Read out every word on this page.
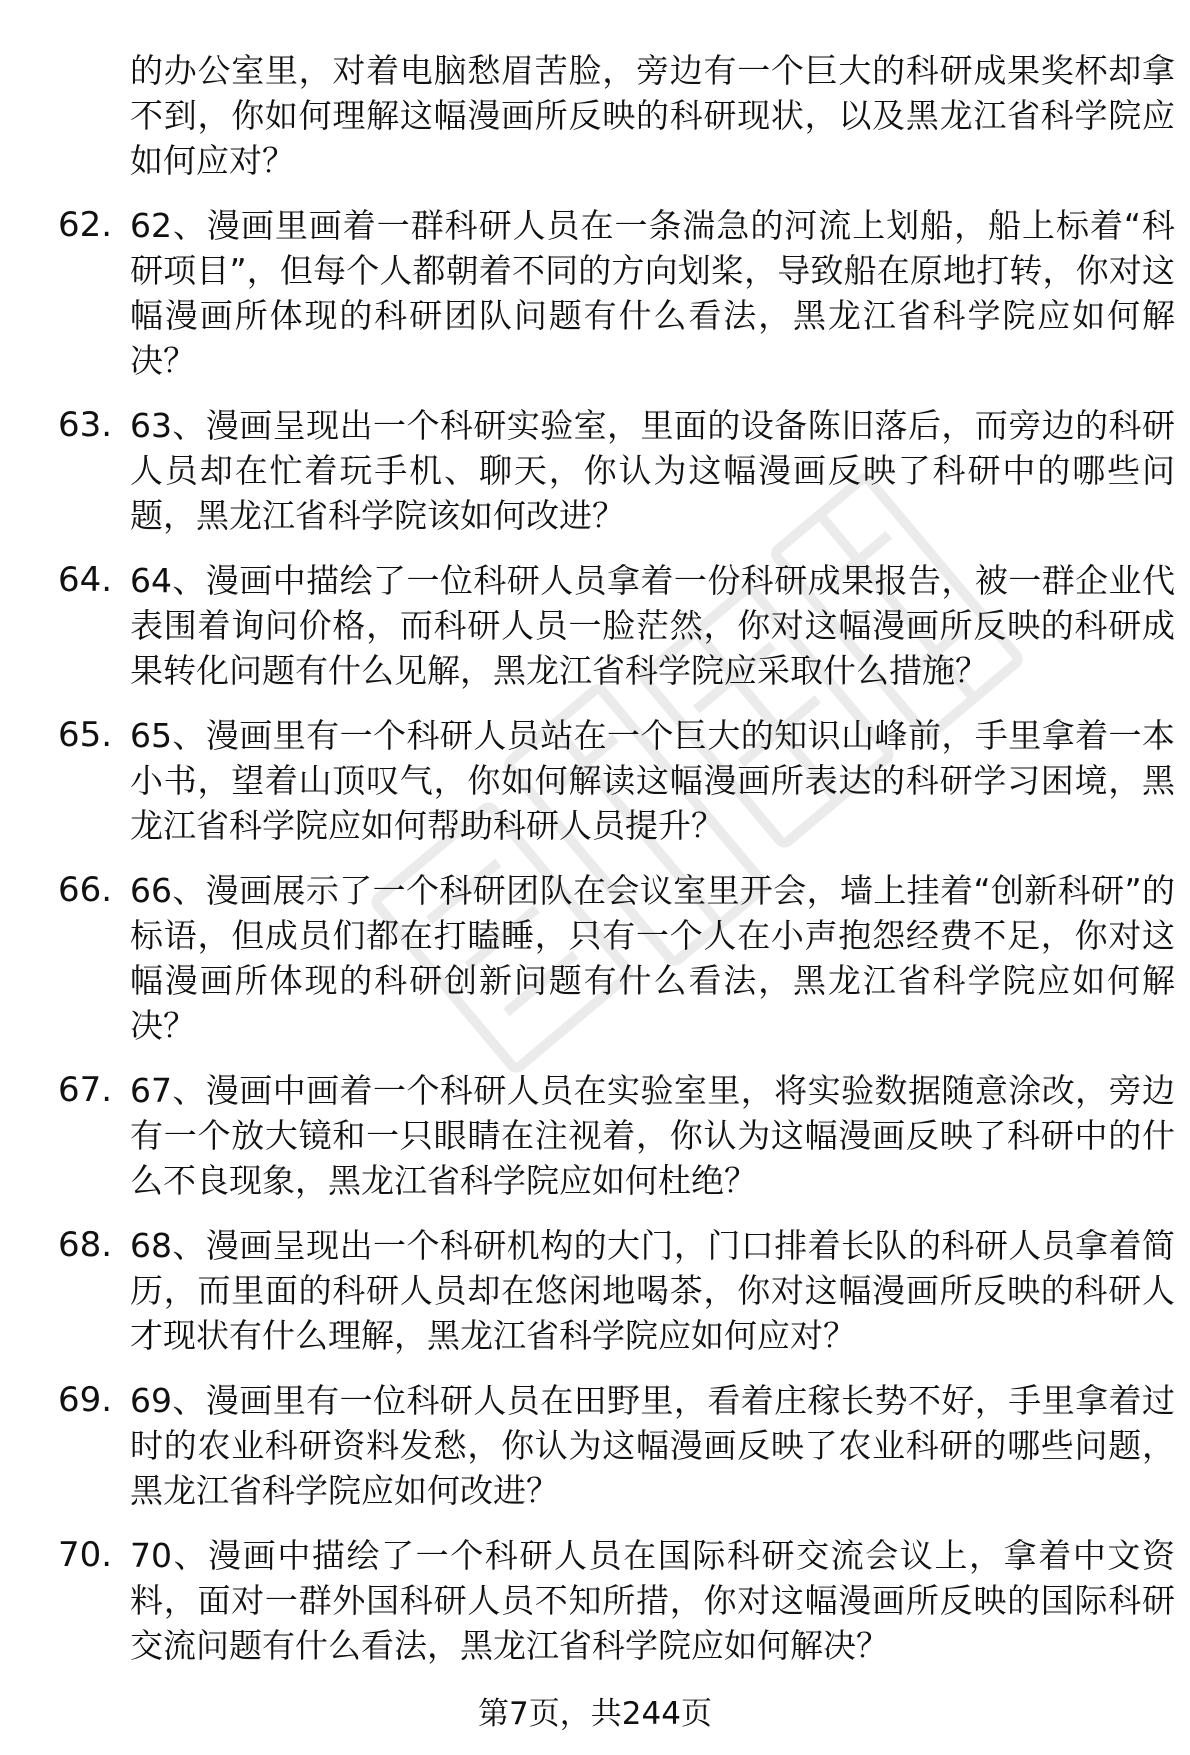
的办公室里，对着电脑愁眉苦脸，旁边有一个巨大的科研成果奖杯却拿不到，你如何理解这幅漫画所反映的科研现状，以及黑龙江省科学院应如何应对？
62. 62、漫画里画着一群科研人员在一条湍急的河流上划船，船上标着“科研项目”，但每个人都朝着不同的方向划桨，导致船在原地打转，你对这幅漫画所体现的科研团队问题有什么看法，黑龙江省科学院应如何解决？
63. 63、漫画呈现出一个科研实验室，里面的设备陈旧落后，而旁边的科研人员却在忙着玩手机、聊天，你认为这幅漫画反映了科研中的哪些问题，黑龙江省科学院该如何改进？
64. 64、漫画中描绘了一位科研人员拿着一份科研成果报告，被一群企业代表围着询问价格，而科研人员一脸茫然，你对这幅漫画所反映的科研成果转化问题有什么见解，黑龙江省科学院应采取什么措施？
65. 65、漫画里有一个科研人员站在一个巨大的知识山峰前，手里拿着一本小书，望着山顶叹气，你如何解读这幅漫画所表达的科研学习困境，黑龙江省科学院应如何帮助科研人员提升？
66. 66、漫画展示了一个科研团队在会议室里开会，墙上挂着“创新科研”的标语，但成员们都在打瞌睡，只有一个人在小声抱怨经费不足，你对这幅漫画所体现的科研创新问题有什么看法，黑龙江省科学院应如何解决？
67. 67、漫画中画着一个科研人员在实验室里，将实验数据随意涂改，旁边有一个放大镜和一只眼睛在注视着，你认为这幅漫画反映了科研中的什么不良现象，黑龙江省科学院应如何杜绝？
68. 68、漫画呈现出一个科研机构的大门，门口排着长队的科研人员拿着简历，而里面的科研人员却在悠闲地喝茶，你对这幅漫画所反映的科研人才现状有什么理解，黑龙江省科学院应如何应对？
69. 69、漫画里有一位科研人员在田野里，看着庄稼长势不好，手里拿着过时的农业科研资料发愁，你认为这幅漫画反映了农业科研的哪些问题，黑龙江省科学院应如何改进？
70. 70、漫画中描绘了一个科研人员在国际科研交流会议上，拿着中文资料，面对一群外国科研人员不知所措，你对这幅漫画所反映的国际科研交流问题有什么看法，黑龙江省科学院应如何解决？
第7页，共244页
